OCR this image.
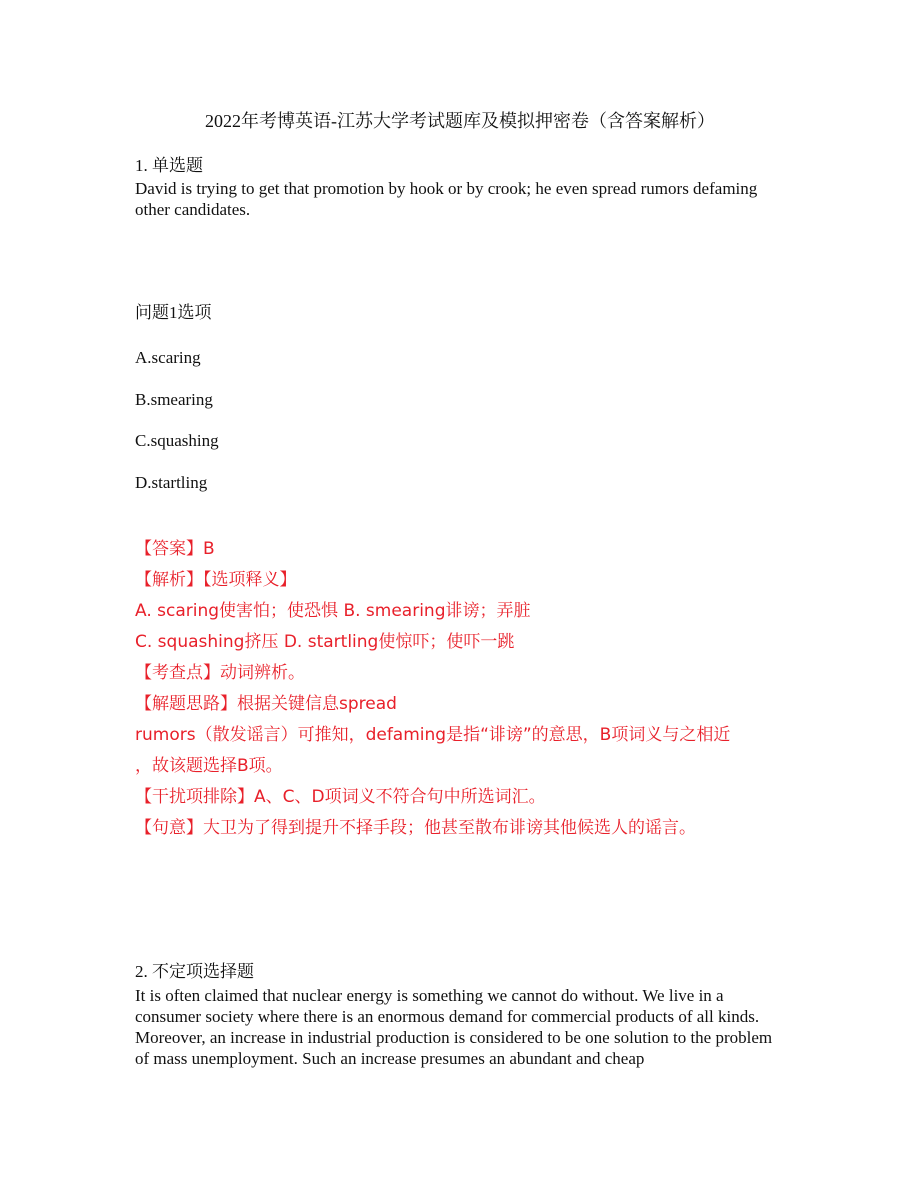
2022年考博英语-江苏大学考试题库及模拟押密卷（含答案解析）
1. 单选题
David is trying to get that promotion by hook or by crook; he even spread rumors defaming other candidates.
问题1选项
A.scaring
B.smearing
C.squashing
D.startling
【答案】B
【解析】【选项释义】
A. scaring使害怕；使恐惧 B. smearing诽谤；弄脏
C. squashing挤压 D. startling使惊吓；使吓一跳
【考查点】动词辨析。
【解题思路】根据关键信息spread
rumors（散发谣言）可推知，defaming是指“诽谤”的意思，B项词义与之相近
，故该题选择B项。
【干扰项排除】A、C、D项词义不符合句中所选词汇。
【句意】大卫为了得到提升不择手段；他甚至散布诽谤其他候选人的谣言。
2. 不定项选择题
It is often claimed that nuclear energy is something we cannot do without. We live in a consumer society where there is an enormous demand for commercial products of all kinds. Moreover, an increase in industrial production is considered to be one solution to the problem of mass unemployment. Such an increase presumes an abundant and cheap
